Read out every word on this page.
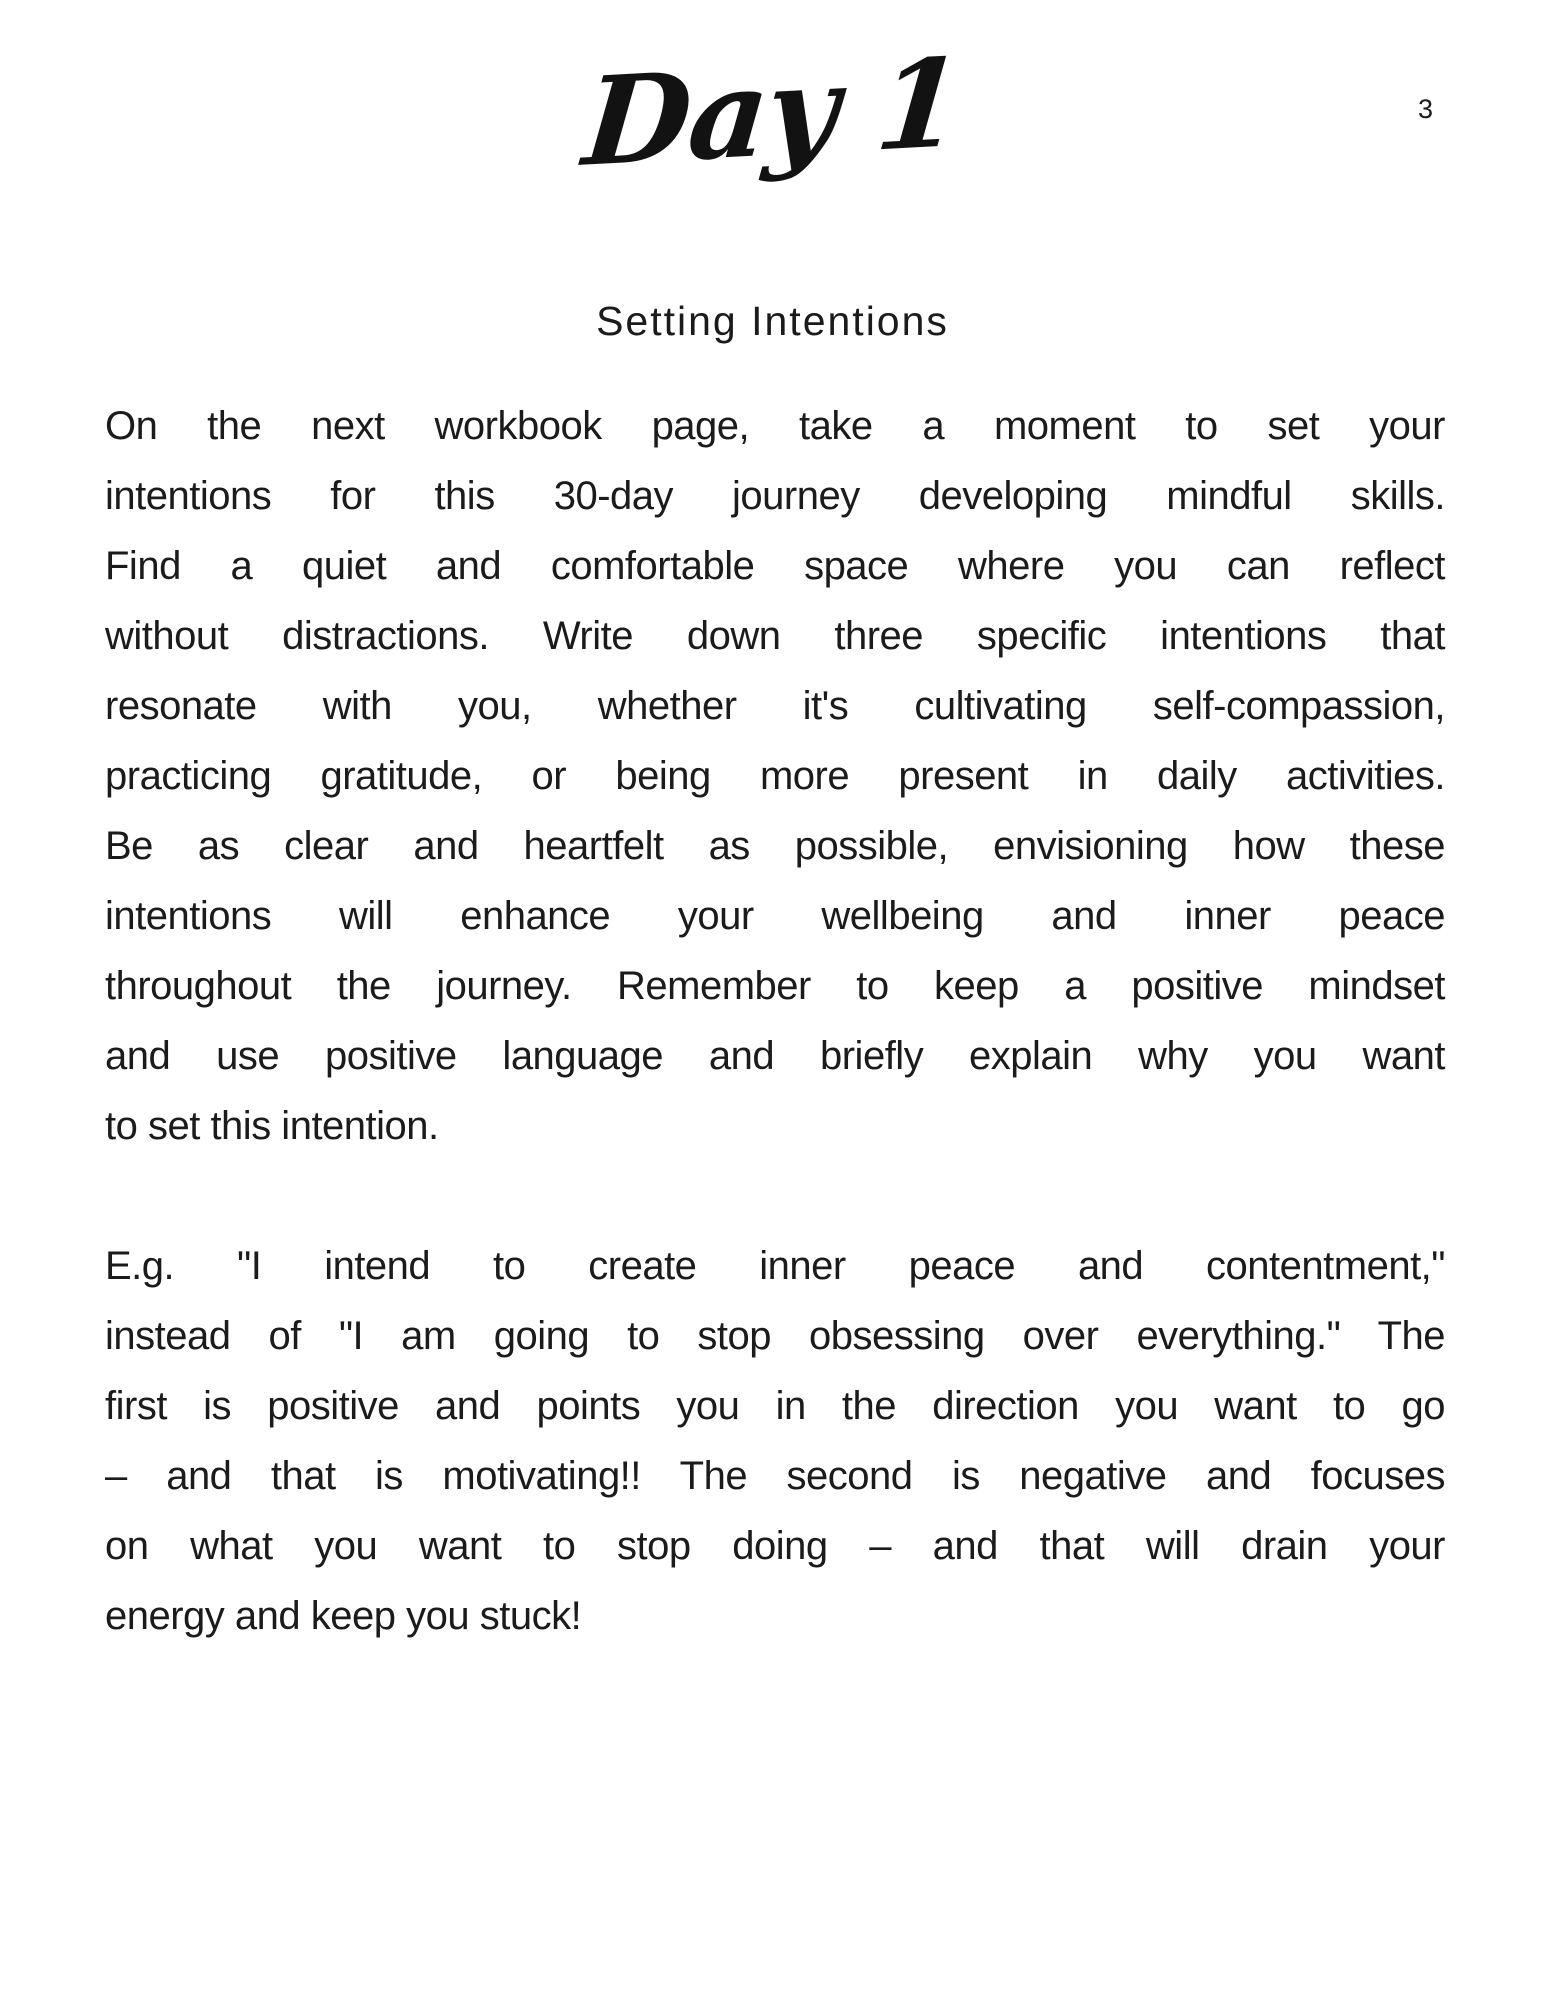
3
Day 1
Setting Intentions
On the next workbook page, take a moment to set your
intentions for this 30-day journey developing mindful skills.
Find a quiet and comfortable space where you can reflect
without distractions. Write down three specific intentions that
resonate with you, whether it's cultivating self-compassion,
practicing gratitude, or being more present in daily activities.
Be as clear and heartfelt as possible, envisioning how these
intentions will enhance your wellbeing and inner peace
throughout the journey. Remember to keep a positive mindset
and use positive language and briefly explain why you want
to set this intention.
E.g. "I intend to create inner peace and contentment,"
instead of "I am going to stop obsessing over everything." The
first is positive and points you in the direction you want to go
– and that is motivating!! The second is negative and focuses
on what you want to stop doing – and that will drain your
energy and keep you stuck!
